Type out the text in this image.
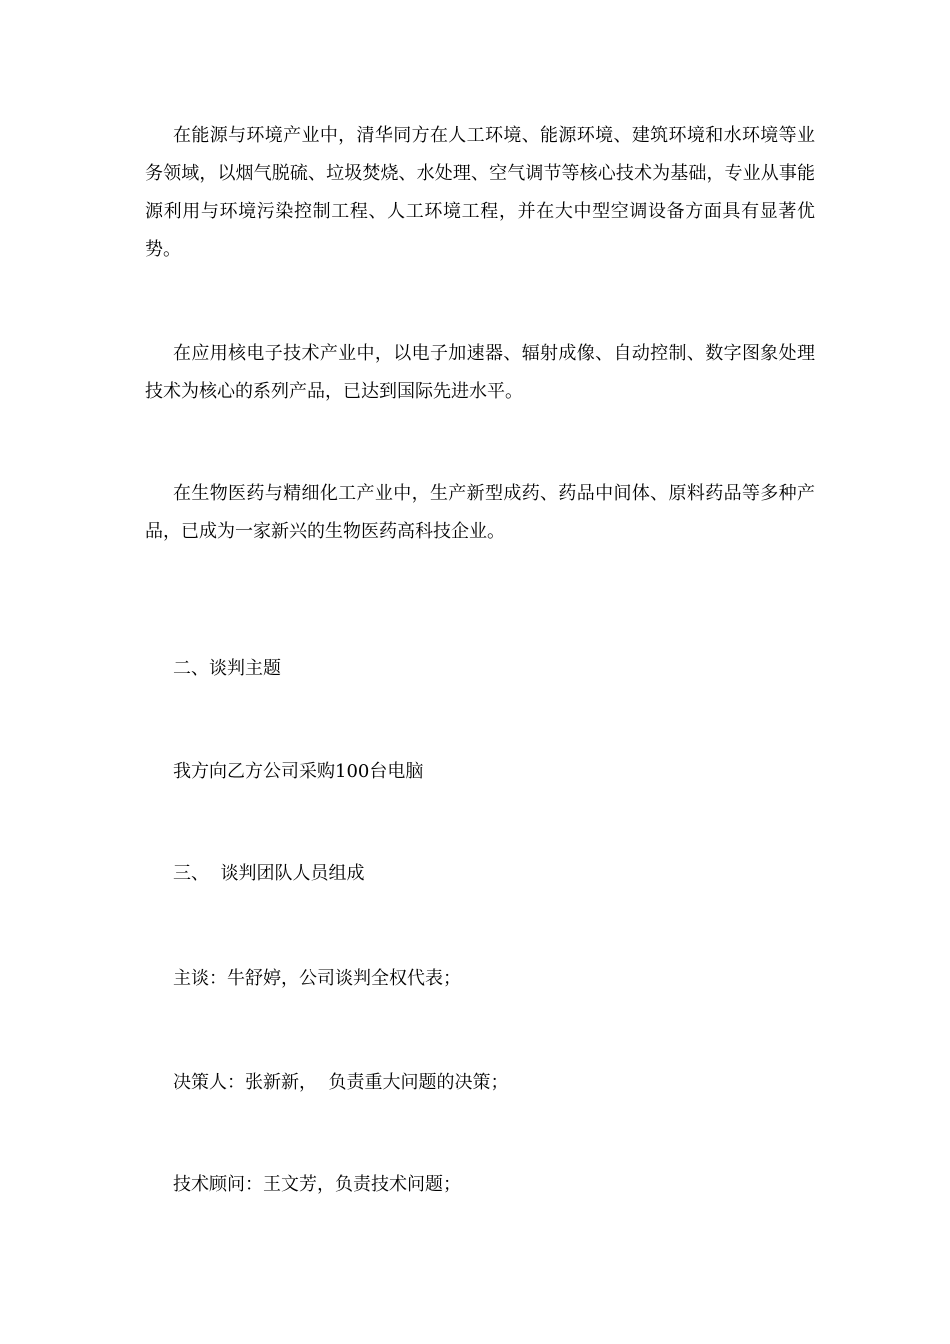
在能源与环境产业中，清华同方在人工环境、能源环境、建筑环境和水环境等业务领域，以烟气脱硫、垃圾焚烧、水处理、空气调节等核心技术为基础，专业从事能源利用与环境污染控制工程、人工环境工程，并在大中型空调设备方面具有显著优势。

在应用核电子技术产业中，以电子加速器、辐射成像、自动控制、数字图象处理技术为核心的系列产品，已达到国际先进水平。

在生物医药与精细化工产业中，生产新型成药、药品中间体、原料药品等多种产品，已成为一家新兴的生物医药高科技企业。

二、谈判主题

我方向乙方公司采购100台电脑

三、  谈判团队人员组成

主谈：牛舒婷，公司谈判全权代表；

决策人：张新新，  负责重大问题的决策；

技术顾问：王文芳，负责技术问题；
